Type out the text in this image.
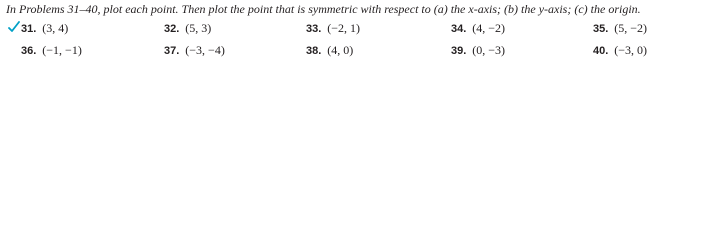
In Problems 31–40, plot each point. Then plot the point that is symmetric with respect to (a) the x-axis; (b) the y-axis; (c) the origin.
31. (3, 4)	32. (5, 3)	33. (−2, 1)	34. (4, −2)	35. (5, −2)
36. (−1, −1)	37. (−3, −4)	38. (4, 0)	39. (0, −3)	40. (−3, 0)
